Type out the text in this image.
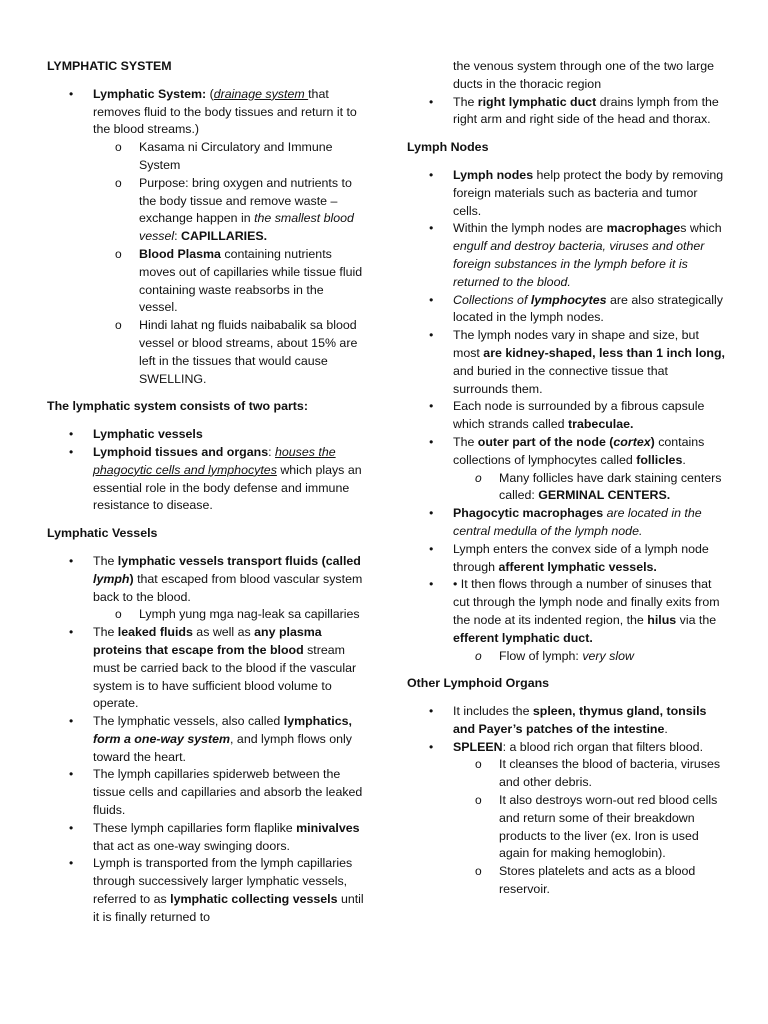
LYMPHATIC SYSTEM
• Lymphatic System: (drainage system that removes fluid to the body tissues and return it to the blood streams.)
o Kasama ni Circulatory and Immune System
o Purpose: bring oxygen and nutrients to the body tissue and remove waste – exchange happen in the smallest blood vessel: CAPILLARIES.
o Blood Plasma containing nutrients moves out of capillaries while tissue fluid containing waste reabsorbs in the vessel.
o Hindi lahat ng fluids naibabalik sa blood vessel or blood streams, about 15% are left in the tissues that would cause SWELLING.
The lymphatic system consists of two parts:
• Lymphatic vessels
• Lymphoid tissues and organs: houses the phagocytic cells and lymphocytes which plays an essential role in the body defense and immune resistance to disease.
Lymphatic Vessels
• The lymphatic vessels transport fluids (called lymph) that escaped from blood vascular system back to the blood.
o Lymph yung mga nag-leak sa capillaries
• The leaked fluids as well as any plasma proteins that escape from the blood stream must be carried back to the blood if the vascular system is to have sufficient blood volume to operate.
• The lymphatic vessels, also called lymphatics, form a one-way system, and lymph flows only toward the heart.
• The lymph capillaries spiderweb between the tissue cells and capillaries and absorb the leaked fluids.
• These lymph capillaries form flaplike minivalves that act as one-way swinging doors.
• Lymph is transported from the lymph capillaries through successively larger lymphatic vessels, referred to as lymphatic collecting vessels until it is finally returned to
the venous system through one of the two large ducts in the thoracic region
• The right lymphatic duct drains lymph from the right arm and right side of the head and thorax.
Lymph Nodes
• Lymph nodes help protect the body by removing foreign materials such as bacteria and tumor cells.
• Within the lymph nodes are macrophages which engulf and destroy bacteria, viruses and other foreign substances in the lymph before it is returned to the blood.
• Collections of lymphocytes are also strategically located in the lymph nodes.
• The lymph nodes vary in shape and size, but most are kidney-shaped, less than 1 inch long, and buried in the connective tissue that surrounds them.
• Each node is surrounded by a fibrous capsule which strands called trabeculae.
• The outer part of the node (cortex) contains collections of lymphocytes called follicles.
o Many follicles have dark staining centers called: GERMINAL CENTERS.
• Phagocytic macrophages are located in the central medulla of the lymph node.
• Lymph enters the convex side of a lymph node through afferent lymphatic vessels.
• • It then flows through a number of sinuses that cut through the lymph node and finally exits from the node at its indented region, the hilus via the efferent lymphatic duct.
o Flow of lymph: very slow
Other Lymphoid Organs
• It includes the spleen, thymus gland, tonsils and Payer’s patches of the intestine.
• SPLEEN: a blood rich organ that filters blood.
o It cleanses the blood of bacteria, viruses and other debris.
o It also destroys worn-out red blood cells and return some of their breakdown products to the liver (ex. Iron is used again for making hemoglobin).
o Stores platelets and acts as a blood reservoir.
